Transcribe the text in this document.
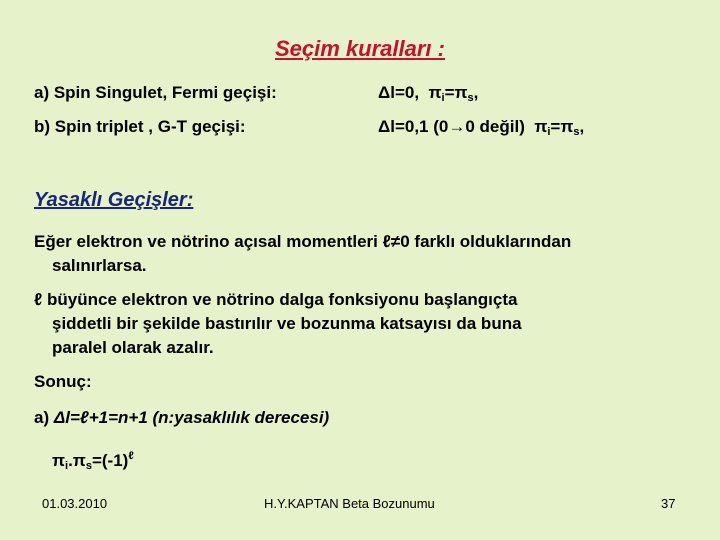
Seçim kuralları :
a) Spin Singulet, Fermi geçişi:	Δl=0, $\pi_i=\pi_s$,
b) Spin triplet , G-T geçişi:	Δl=0,1 (0→0 değil) $\pi_i=\pi_s$,
Yasaklı Geçişler:
Eğer elektron ve nötrino açısal momentleri ℓ≠0 farklı olduklarından
salınırlarsa.
ℓ büyünce elektron ve nötrino dalga fonksiyonu başlangıçta
şiddetli bir şekilde bastırılır ve bozunma katsayısı da buna
paralel olarak azalır.
Sonuç:
a) Δl=ℓ+1=n+1 (n:yasaklılık derecesi)
$\pi_i.\pi_s=(-1)^\ell$
01.03.2010	H.Y.KAPTAN Beta Bozunumu	37
